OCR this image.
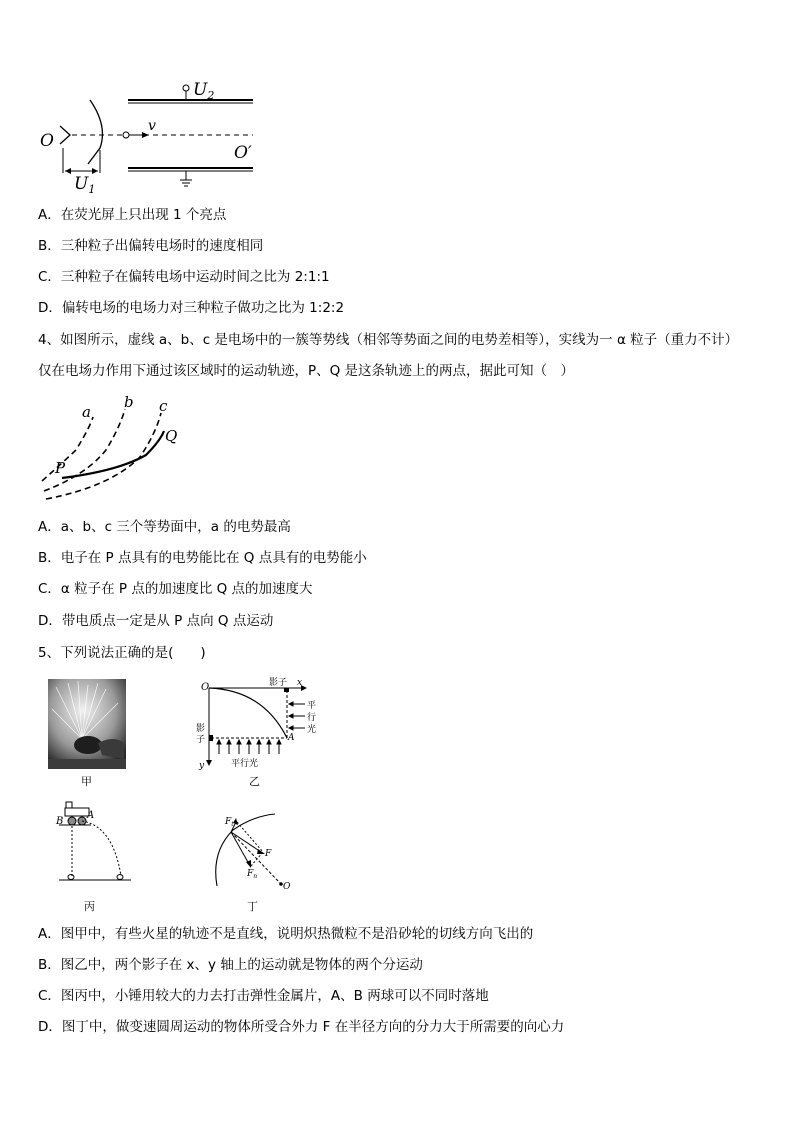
$U_2$
O
v
O′
$U_1$
A．在荧光屏上只出现 1 个亮点
B．三种粒子出偏转电场时的速度相同
C．三种粒子在偏转电场中运动时间之比为 2:1:1
D．偏转电场的电场力对三种粒子做功之比为 1:2:2
4、如图所示，虚线 a、b、c 是电场中的一簇等势线（相邻等势面之间的电势差相等），实线为一 α 粒子（重力不计）
仅在电场力作用下通过该区域时的运动轨迹，P、Q 是这条轨迹上的两点，据此可知（　）
a
b c
P
Q
A．a、b、c 三个等势面中，a 的电势最高
B．电子在 P 点具有的电势能比在 Q 点具有的电势能小
C．α 粒子在 P 点的加速度比 Q 点的加速度大
D．带电质点一定是从 P 点向 Q 点运动
5、下列说法正确的是(　　)
甲
O	影子 x
平
行
光
影
子	A
y	平行光
乙
B
A
丙
$F_t$
F
$F_n$
O
丁
A．图甲中，有些火星的轨迹不是直线，说明炽热微粒不是沿砂轮的切线方向飞出的
B．图乙中，两个影子在 x、y 轴上的运动就是物体的两个分运动
C．图丙中，小锤用较大的力去打击弹性金属片，A、B 两球可以不同时落地
D．图丁中，做变速圆周运动的物体所受合外力 F 在半径方向的分力大于所需要的向心力
